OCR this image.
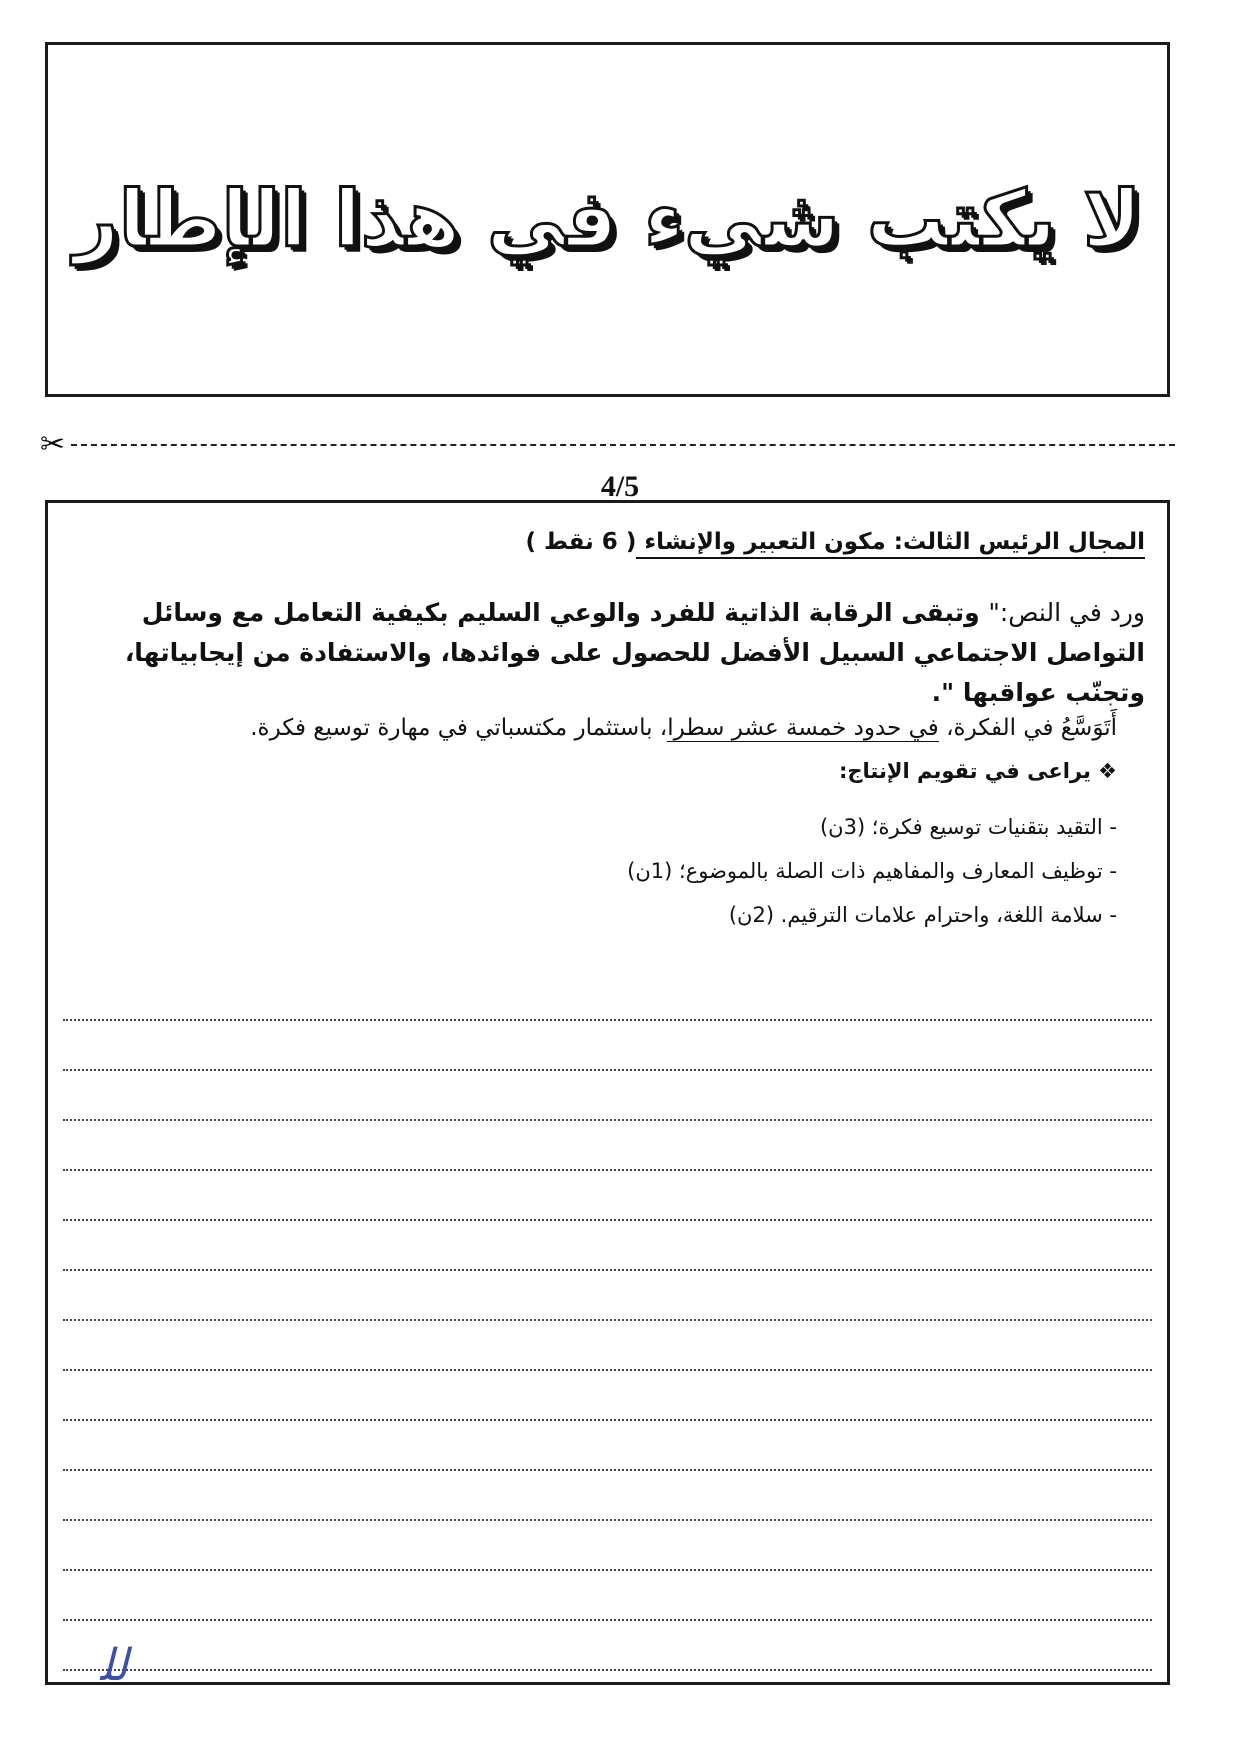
لا يكتب شيء في هذا الإطار
✂
4/5
المجال الرئيس الثالث: مكون التعبير والإنشاء ( 6 نقط )
ورد في النص:" وتبقى الرقابة الذاتية للفرد والوعي السليم بكيفية التعامل مع وسائل التواصل الاجتماعي السبيل الأفضل للحصول على فوائدها، والاستفادة من إيجابياتها، وتجنّب عواقبها ".
أَتَوَسَّعُ في الفكرة، في حدود خمسة عشر سطرا، باستثمار مكتسباتي في مهارة توسيع فكرة.
❖ يراعى في تقويم الإنتاج:
- التقيد بتقنيات توسيع فكرة؛ (3ن)
- توظيف المعارف والمفاهيم ذات الصلة بالموضوع؛ (1ن)
- سلامة اللغة، واحترام علامات الترقيم. (2ن)
ﻟﻠ
